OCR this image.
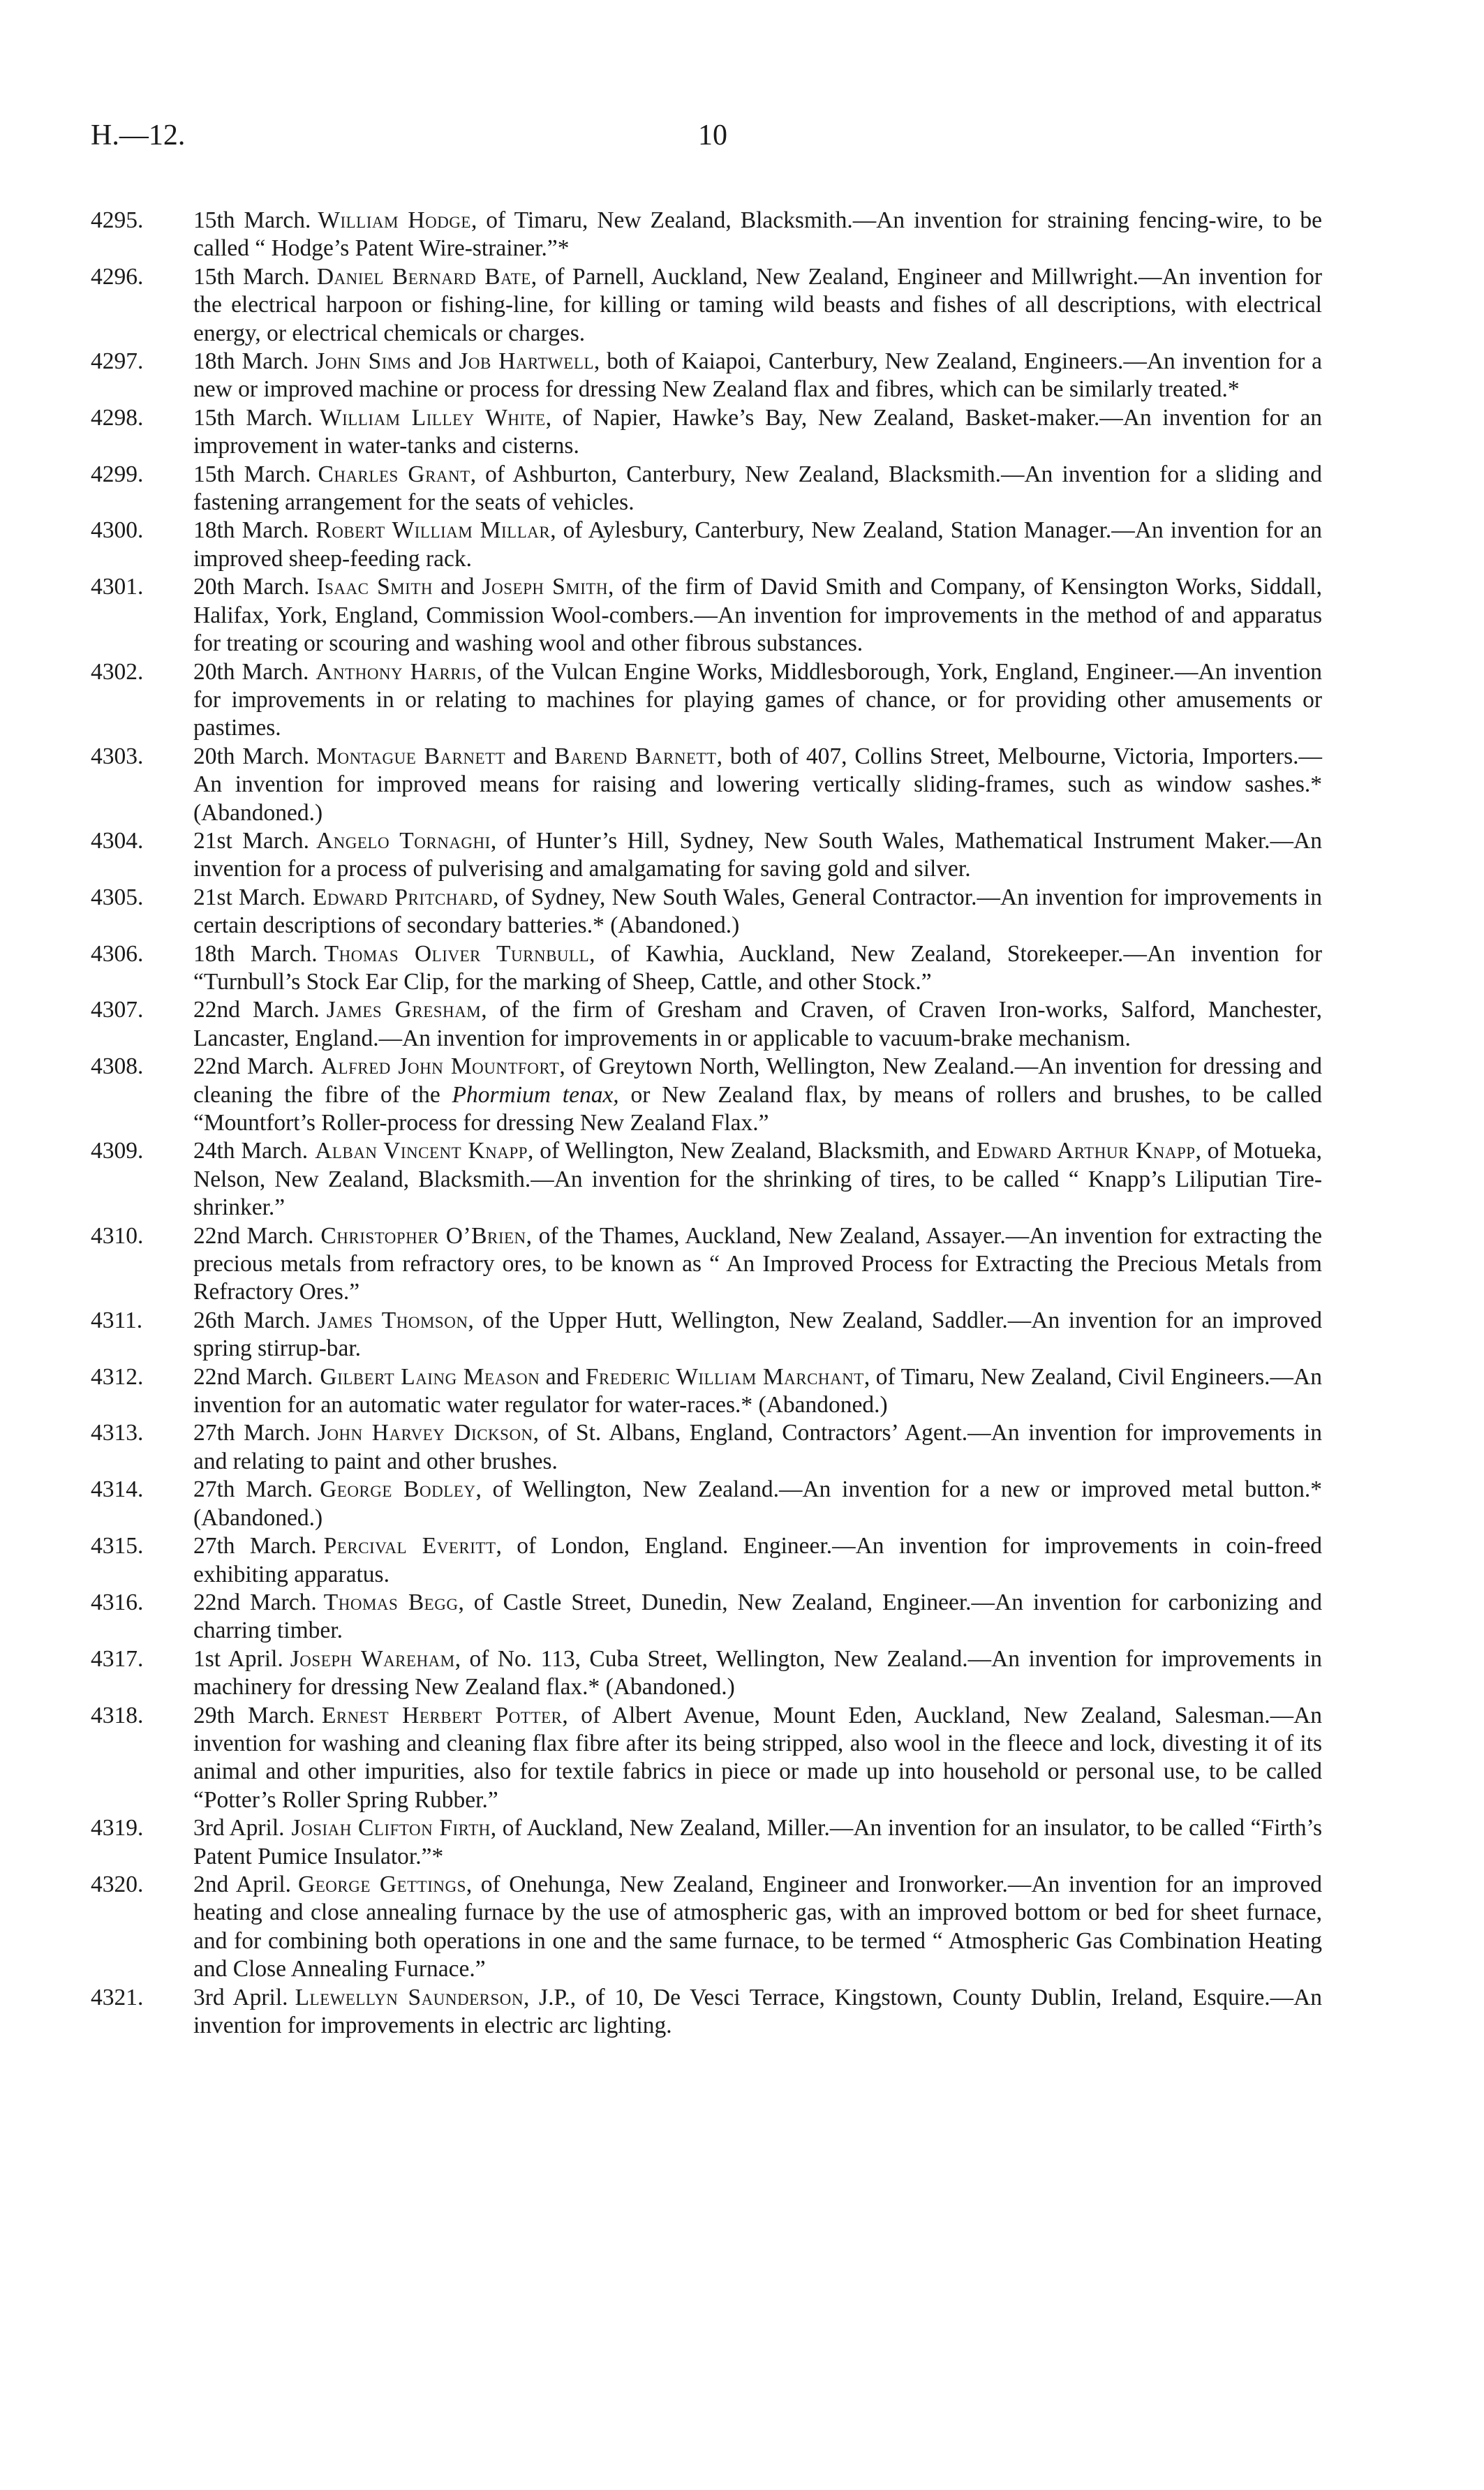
H.—12.	10
4295. 15th March. William Hodge, of Timaru, New Zealand, Blacksmith.—An invention for straining fencing-wire, to be called “ Hodge’s Patent Wire-strainer.”*
4296. 15th March. Daniel Bernard Bate, of Parnell, Auckland, New Zealand, Engineer and Millwright.—An invention for the electrical harpoon or fishing-line, for killing or taming wild beasts and fishes of all descriptions, with electrical energy, or electrical chemicals or charges.
4297. 18th March. John Sims and Job Hartwell, both of Kaiapoi, Canterbury, New Zealand, Engineers.—An invention for a new or improved machine or process for dressing New Zealand flax and fibres, which can be similarly treated.*
4298. 15th March. William Lilley White, of Napier, Hawke’s Bay, New Zealand, Basket-maker.—An invention for an improvement in water-tanks and cisterns.
4299. 15th March. Charles Grant, of Ashburton, Canterbury, New Zealand, Blacksmith.—An invention for a sliding and fastening arrangement for the seats of vehicles.
4300. 18th March. Robert William Millar, of Aylesbury, Canterbury, New Zealand, Station Manager.—An invention for an improved sheep-feeding rack.
4301. 20th March. Isaac Smith and Joseph Smith, of the firm of David Smith and Company, of Kensington Works, Siddall, Halifax, York, England, Commission Wool-combers.—An invention for improvements in the method of and apparatus for treating or scouring and washing wool and other fibrous substances.
4302. 20th March. Anthony Harris, of the Vulcan Engine Works, Middlesborough, York, England, Engineer.—An invention for improvements in or relating to machines for playing games of chance, or for providing other amusements or pastimes.
4303. 20th March. Montague Barnett and Barend Barnett, both of 407, Collins Street, Melbourne, Victoria, Importers.—An invention for improved means for raising and lowering vertically sliding-frames, such as window sashes.* (Abandoned.)
4304. 21st March. Angelo Tornaghi, of Hunter’s Hill, Sydney, New South Wales, Mathematical Instrument Maker.—An invention for a process of pulverising and amalgamating for saving gold and silver.
4305. 21st March. Edward Pritchard, of Sydney, New South Wales, General Contractor.—An invention for improvements in certain descriptions of secondary batteries.* (Abandoned.)
4306. 18th March. Thomas Oliver Turnbull, of Kawhia, Auckland, New Zealand, Storekeeper.—An invention for “Turnbull’s Stock Ear Clip, for the marking of Sheep, Cattle, and other Stock.”
4307. 22nd March. James Gresham, of the firm of Gresham and Craven, of Craven Iron-works, Salford, Manchester, Lancaster, England.—An invention for improvements in or applicable to vacuum-brake mechanism.
4308. 22nd March. Alfred John Mountfort, of Greytown North, Wellington, New Zealand.—An invention for dressing and cleaning the fibre of the Phormium tenax, or New Zealand flax, by means of rollers and brushes, to be called “Mountfort’s Roller-process for dressing New Zealand Flax.”
4309. 24th March. Alban Vincent Knapp, of Wellington, New Zealand, Blacksmith, and Edward Arthur Knapp, of Motueka, Nelson, New Zealand, Blacksmith.—An invention for the shrinking of tires, to be called “ Knapp’s Liliputian Tire-shrinker.”
4310. 22nd March. Christopher O’Brien, of the Thames, Auckland, New Zealand, Assayer.—An invention for extracting the precious metals from refractory ores, to be known as “ An Improved Process for Extracting the Precious Metals from Refractory Ores.”
4311. 26th March. James Thomson, of the Upper Hutt, Wellington, New Zealand, Saddler.—An invention for an improved spring stirrup-bar.
4312. 22nd March. Gilbert Laing Meason and Frederic William Marchant, of Timaru, New Zealand, Civil Engineers.—An invention for an automatic water regulator for water-races.* (Abandoned.)
4313. 27th March. John Harvey Dickson, of St. Albans, England, Contractors’ Agent.—An invention for improvements in and relating to paint and other brushes.
4314. 27th March. George Bodley, of Wellington, New Zealand.—An invention for a new or improved metal button.* (Abandoned.)
4315. 27th March. Percival Everitt, of London, England. Engineer.—An invention for improvements in coin-freed exhibiting apparatus.
4316. 22nd March. Thomas Begg, of Castle Street, Dunedin, New Zealand, Engineer.—An invention for carbonizing and charring timber.
4317. 1st April. Joseph Wareham, of No. 113, Cuba Street, Wellington, New Zealand.—An invention for improvements in machinery for dressing New Zealand flax.* (Abandoned.)
4318. 29th March. Ernest Herbert Potter, of Albert Avenue, Mount Eden, Auckland, New Zealand, Salesman.—An invention for washing and cleaning flax fibre after its being stripped, also wool in the fleece and lock, divesting it of its animal and other impurities, also for textile fabrics in piece or made up into household or personal use, to be called “Potter’s Roller Spring Rubber.”
4319. 3rd April. Josiah Clifton Firth, of Auckland, New Zealand, Miller.—An invention for an insulator, to be called “Firth’s Patent Pumice Insulator.”*
4320. 2nd April. George Gettings, of Onehunga, New Zealand, Engineer and Ironworker.—An invention for an improved heating and close annealing furnace by the use of atmospheric gas, with an improved bottom or bed for sheet furnace, and for combining both operations in one and the same furnace, to be termed “ Atmospheric Gas Combination Heating and Close Annealing Furnace.”
4321. 3rd April. Llewellyn Saunderson, J.P., of 10, De Vesci Terrace, Kingstown, County Dublin, Ireland, Esquire.—An invention for improvements in electric arc lighting.
